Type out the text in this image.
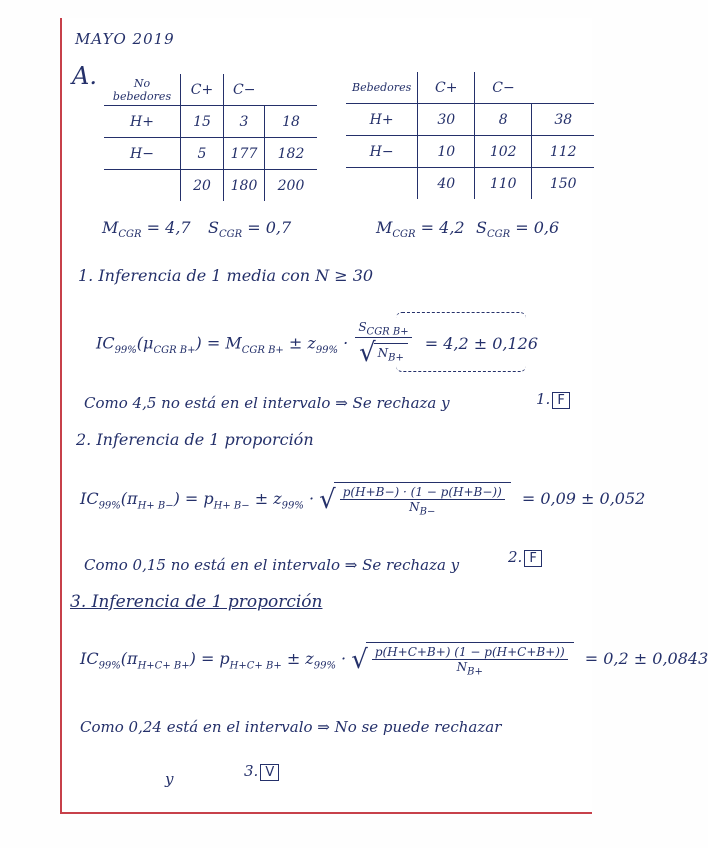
MAYO 2019
A.	No bebedores	C+	C−	
H+	15	3	18
H−	5	177	182
	20	180	200
Bebedores	C+	C−	
H+	30	8	38
H−	10	102	112
	40	110	150
$M_{CGR} = 4,7$ $S_{CGR} = 0,7$	$M_{CGR} = 4,2$ $S_{CGR} = 0,6$
1. Inferencia de 1 media con N ≥ 30
$IC_{99\%}(\mu_{CGR B+}) = M_{CGR B+} \pm z_{99\%} \cdot \frac{S_{CGR B+}}{√ N_{B+}} = 4,2 \pm 0,126$
Como 4,5 no está en el intervalo ⇒ Se rechaza y	1. F
2. Inferencia de 1 proporción
$IC_{99\%}(\pi_{H+ B-}) = p_{H+ B-} \pm z_{99\%}$ · √ $\frac{p(H+B-) \cdot (1 - p(H+B-))}{N_{B-}} = 0,09 \pm 0,052$
Como 0,15 no está en el intervalo ⇒ Se rechaza y	2. F
3. Inferencia de 1 proporción
$IC_{99\%}(\pi_{H+C+ B+}) = p_{H+C+ B+} \pm z_{99\%}$ · √ $\frac{p(H+C+B+) (1 - p(H+C+B+))}{N_{B+}} = 0,2 \pm 0,0843$
Como 0,24 está en el intervalo ⇒ No se puede rechazar
y	3. V
